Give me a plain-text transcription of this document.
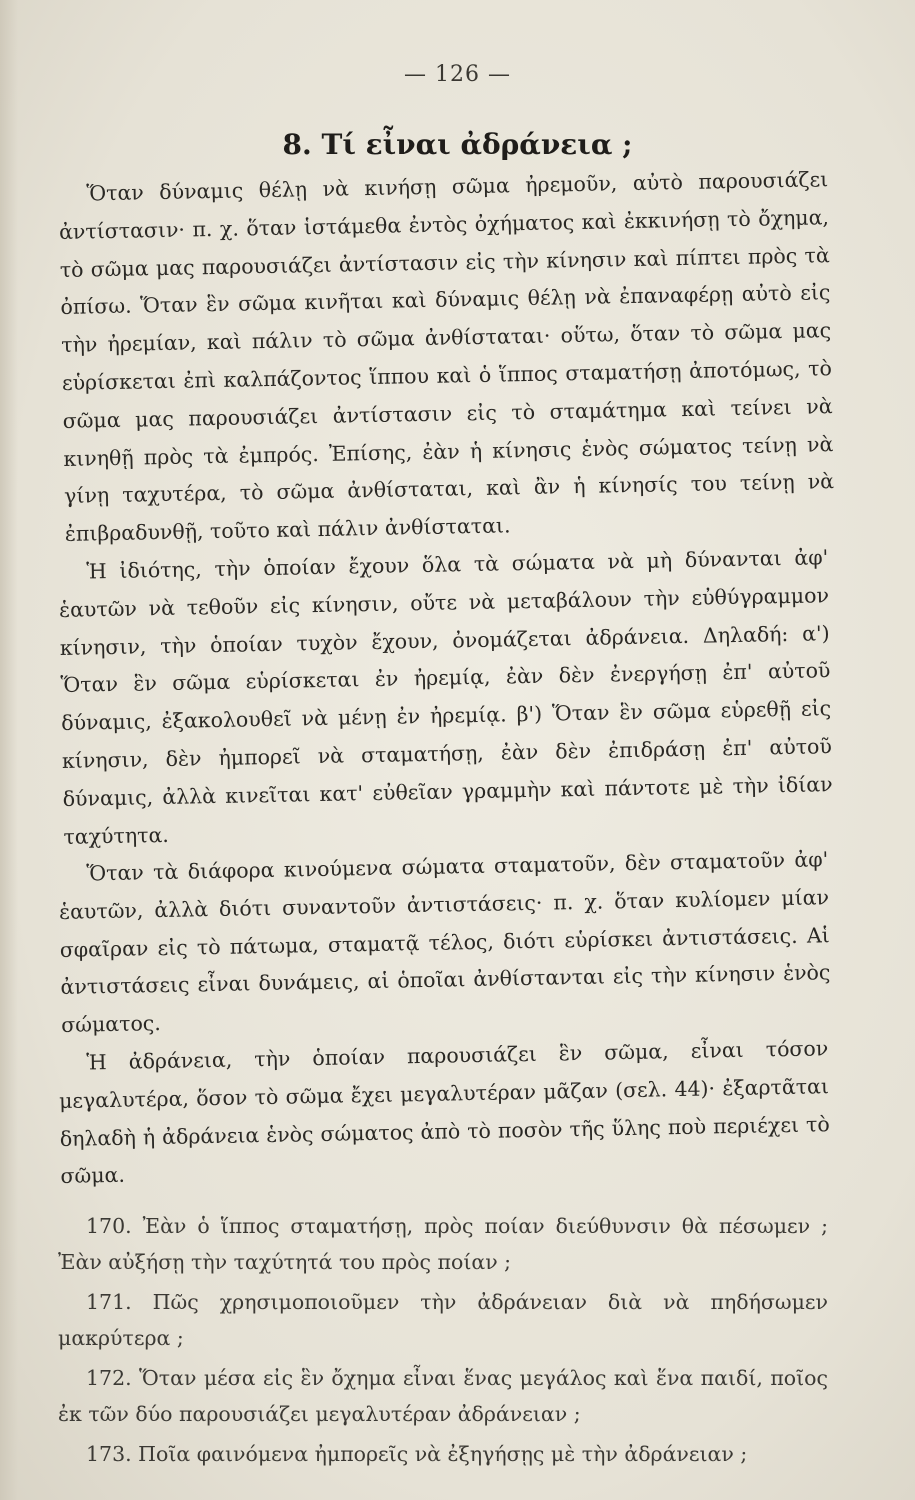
— 126 —
8. Τί εἶναι ἀδράνεια ;

Ὅταν δύναμις θέλῃ νὰ κινήσῃ σῶμα ἠρεμοῦν, αὐτὸ παρουσιάζει ἀντίστασιν· π. χ. ὅταν ἱστάμεθα ἐντὸς ὀχήματος καὶ ἐκκινήσῃ τὸ ὄχημα, τὸ σῶμα μας παρουσιάζει ἀντίστασιν εἰς τὴν κίνησιν καὶ πίπτει πρὸς τὰ ὀπίσω. Ὅταν ἓν σῶμα κινῆται καὶ δύναμις θέλῃ νὰ ἐπαναφέρῃ αὐτὸ εἰς τὴν ἠρεμίαν, καὶ πάλιν τὸ σῶμα ἀνθίσταται· οὕτω, ὅταν τὸ σῶμα μας εὑρίσκεται ἐπὶ καλπάζοντος ἵππου καὶ ὁ ἵππος σταματήσῃ ἀποτόμως, τὸ σῶμα μας παρουσιάζει ἀντίστασιν εἰς τὸ σταμάτημα καὶ τείνει νὰ κινηθῇ πρὸς τὰ ἐμπρός. Ἐπίσης, ἐὰν ἡ κίνησις ἑνὸς σώματος τείνῃ νὰ γίνῃ ταχυτέρα, τὸ σῶμα ἀνθίσταται, καὶ ἂν ἡ κίνησίς του τείνῃ νὰ ἐπιβραδυνθῇ, τοῦτο καὶ πάλιν ἀνθίσταται.

Ἡ ἰδιότης, τὴν ὁποίαν ἔχουν ὅλα τὰ σώματα νὰ μὴ δύνανται ἀφ' ἑαυτῶν νὰ τεθοῦν εἰς κίνησιν, οὔτε νὰ μεταβάλουν τὴν εὐθύγραμμον κίνησιν, τὴν ὁποίαν τυχὸν ἔχουν, ὀνομάζεται ἀδράνεια. Δηλαδή: α') Ὅταν ἓν σῶμα εὑρίσκεται ἐν ἠρεμίᾳ, ἐὰν δὲν ἐνεργήσῃ ἐπ' αὐτοῦ δύναμις, ἐξακολουθεῖ νὰ μένῃ ἐν ἠρεμίᾳ. β') Ὅταν ἓν σῶμα εὑρεθῇ εἰς κίνησιν, δὲν ἠμπορεῖ νὰ σταματήσῃ, ἐὰν δὲν ἐπιδράσῃ ἐπ' αὐτοῦ δύναμις, ἀλλὰ κινεῖται κατ' εὐθεῖαν γραμμὴν καὶ πάντοτε μὲ τὴν ἰδίαν ταχύτητα.

Ὅταν τὰ διάφορα κινούμενα σώματα σταματοῦν, δὲν σταματοῦν ἀφ' ἑαυτῶν, ἀλλὰ διότι συναντοῦν ἀντιστάσεις· π. χ. ὅταν κυλίομεν μίαν σφαῖραν εἰς τὸ πάτωμα, σταματᾷ τέλος, διότι εὑρίσκει ἀντιστάσεις. Αἱ ἀντιστάσεις εἶναι δυνάμεις, αἱ ὁποῖαι ἀνθίστανται εἰς τὴν κίνησιν ἑνὸς σώματος.

Ἡ ἀδράνεια, τὴν ὁποίαν παρουσιάζει ἓν σῶμα, εἶναι τόσον μεγαλυτέρα, ὅσον τὸ σῶμα ἔχει μεγαλυτέραν μᾶζαν (σελ. 44)· ἐξαρτᾶται δηλαδὴ ἡ ἀδράνεια ἑνὸς σώματος ἀπὸ τὸ ποσὸν τῆς ὕλης ποὺ περιέχει τὸ σῶμα.

170. Ἐὰν ὁ ἵππος σταματήσῃ, πρὸς ποίαν διεύθυνσιν θὰ πέσωμεν ; Ἐὰν αὐξήσῃ τὴν ταχύτητά του πρὸς ποίαν ;

171. Πῶς χρησιμοποιοῦμεν τὴν ἀδράνειαν διὰ νὰ πηδήσωμεν μακρύτερα ;

172. Ὅταν μέσα εἰς ἓν ὄχημα εἶναι ἕνας μεγάλος καὶ ἕνα παιδί, ποῖος ἐκ τῶν δύο παρουσιάζει μεγαλυτέραν ἀδράνειαν ;

173. Ποῖα φαινόμενα ἠμπορεῖς νὰ ἐξηγήσῃς μὲ τὴν ἀδράνειαν ;
